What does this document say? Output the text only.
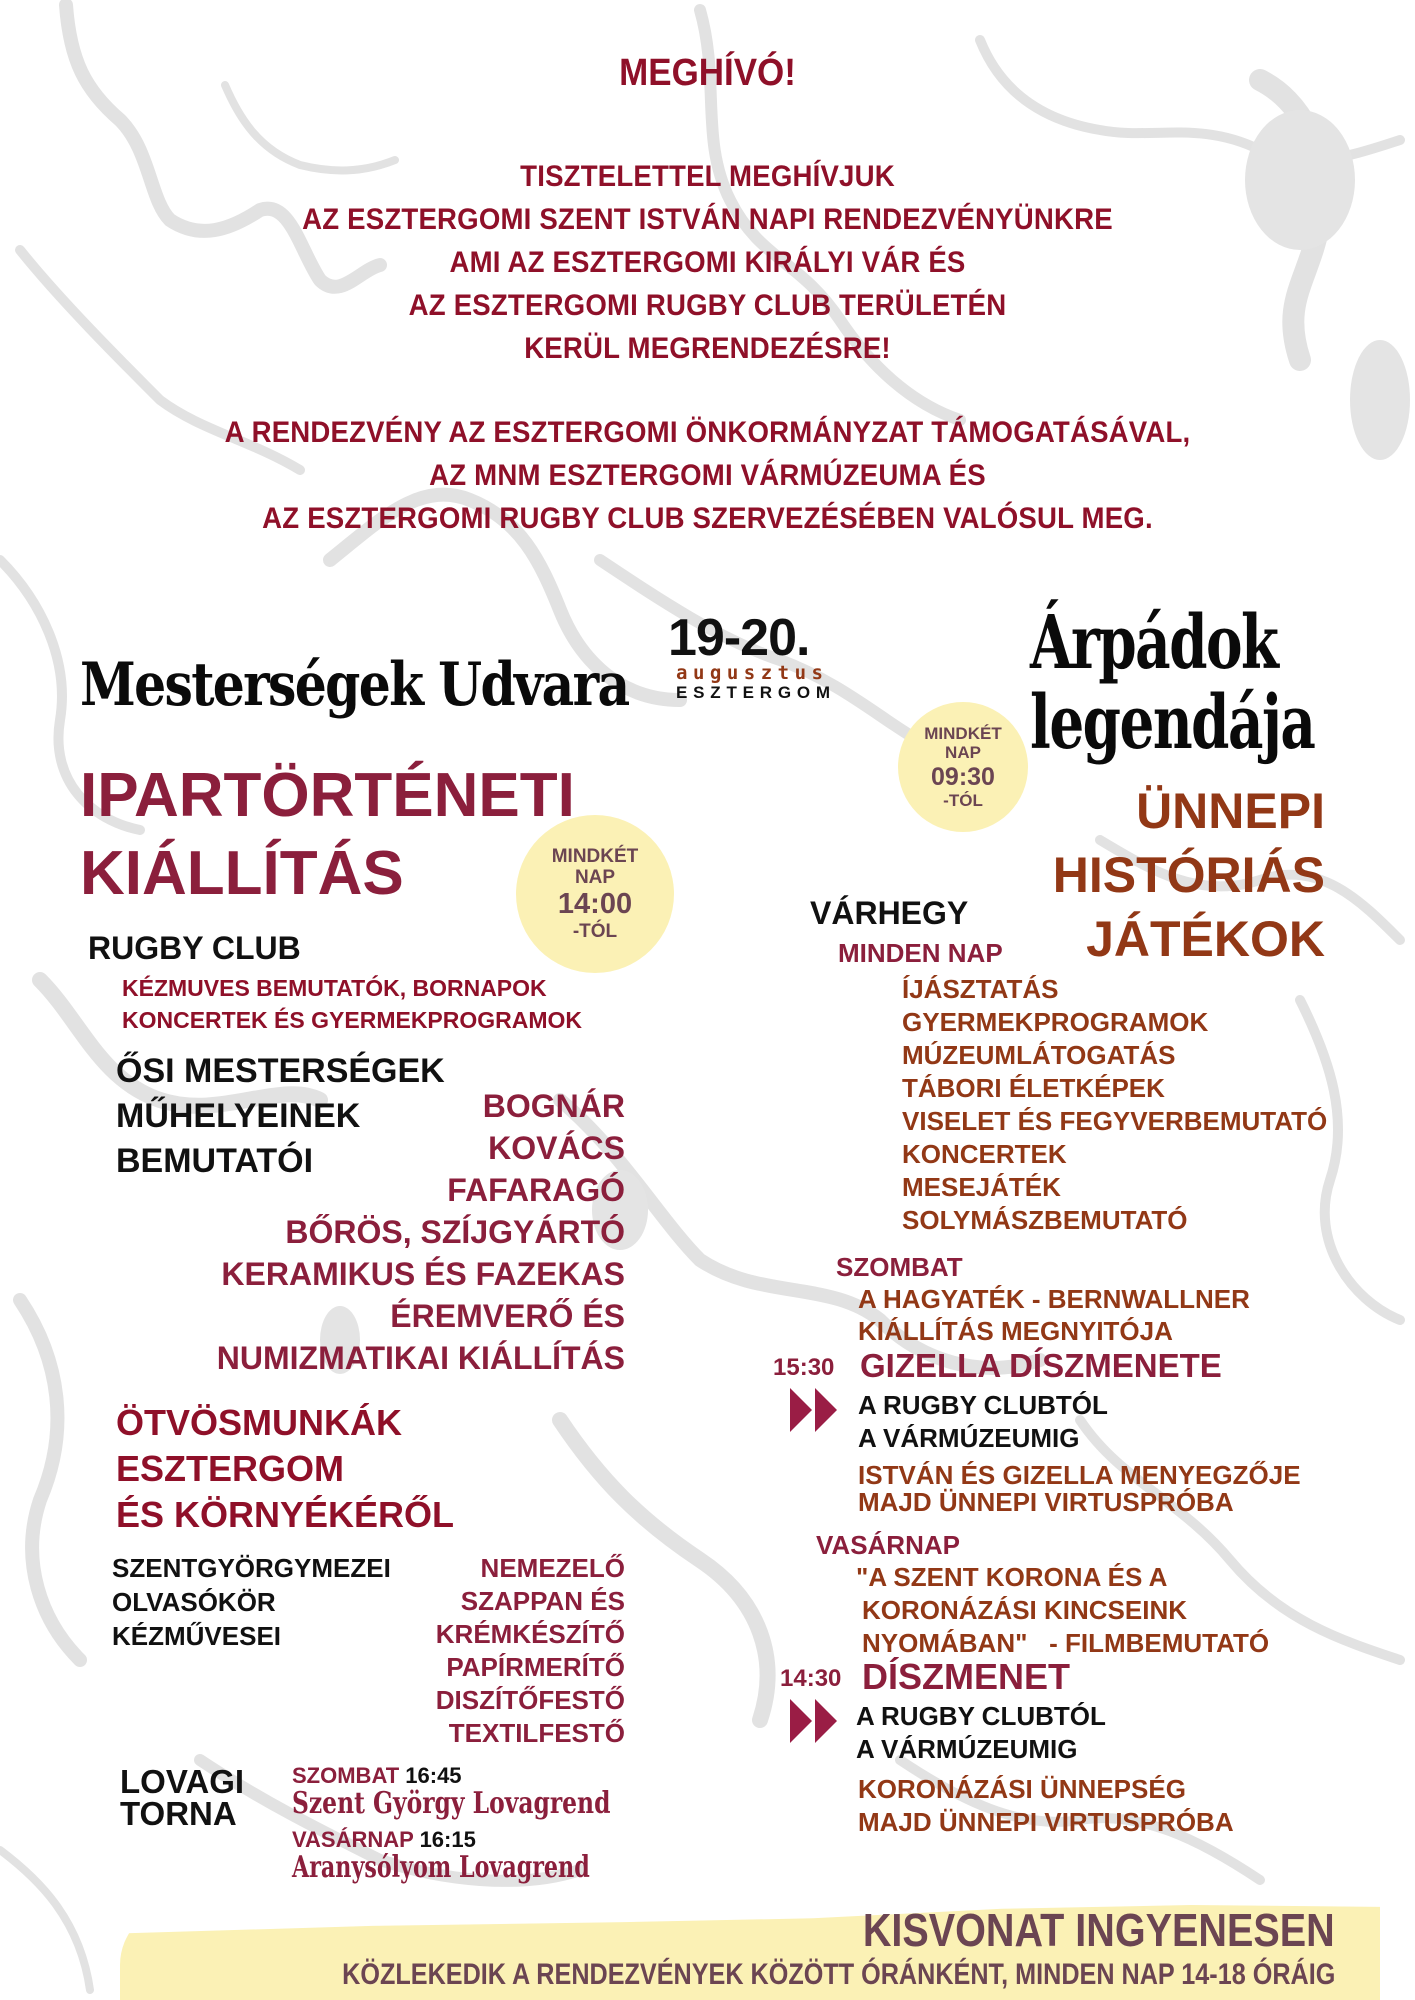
MEGHÍVÓ!
TISZTELETTEL MEGHÍVJUK
AZ ESZTERGOMI SZENT ISTVÁN NAPI RENDEZVÉNYÜNKRE
AMI AZ ESZTERGOMI KIRÁLYI VÁR ÉS
AZ ESZTERGOMI RUGBY CLUB TERÜLETÉN
KERÜL MEGRENDEZÉSRE!
A RENDEZVÉNY AZ ESZTERGOMI ÖNKORMÁNYZAT TÁMOGATÁSÁVAL,
AZ MNM ESZTERGOMI VÁRMÚZEUMA ÉS
AZ ESZTERGOMI RUGBY CLUB SZERVEZÉSÉBEN VALÓSUL MEG.
19-20.
augusztus
ESZTERGOM
Mesterségek Udvara
IPARTÖRTÉNETI
KIÁLLÍTÁS	MINDKÉT
NAP
14:00
-TÓL
RUGBY CLUB
KÉZMUVES BEMUTATÓK, BORNAPOK
KONCERTEK ÉS GYERMEKPROGRAMOK
ŐSI MESTERSÉGEK
MŰHELYEINEK
BEMUTATÓI
BOGNÁR
KOVÁCS
FAFARAGÓ
BŐRÖS, SZÍJGYÁRTÓ
KERAMIKUS ÉS FAZEKAS
ÉREMVERŐ ÉS
NUMIZMATIKAI KIÁLLÍTÁS
ÖTVÖSMUNKÁK
ESZTERGOM
ÉS KÖRNYÉKÉRŐL
SZENTGYÖRGYMEZEI
OLVASÓKÖR
KÉZMŰVESEI
NEMEZELŐ
SZAPPAN ÉS
KRÉMKÉSZÍTŐ
PAPÍRMERÍTŐ
DISZÍTŐFESTŐ
TEXTILFESTŐ
LOVAGI
TORNA
SZOMBAT 16:45
Szent György Lovagrend
VASÁRNAP 16:15
Aranysólyom Lovagrend
MINDKÉT
NAP
09:30
-TÓL
Árpádok
legendája
ÜNNEPI
HISTÓRIÁS
JÁTÉKOK
VÁRHEGY
MINDEN NAP
ÍJÁSZTATÁS
GYERMEKPROGRAMOK
MÚZEUMLÁTOGATÁS
TÁBORI ÉLETKÉPEK
VISELET ÉS FEGYVERBEMUTATÓ
KONCERTEK
MESEJÁTÉK
SOLYMÁSZBEMUTATÓ
SZOMBAT
A HAGYATÉK - BERNWALLNER
KIÁLLÍTÁS MEGNYITÓJA
15:30 GIZELLA DÍSZMENETE
A RUGBY CLUBTÓL
A VÁRMÚZEUMIG
ISTVÁN ÉS GIZELLA MENYEGZŐJE
MAJD ÜNNEPI VIRTUSPRÓBA
VASÁRNAP
"A SZENT KORONA ÉS A
KORONÁZÁSI KINCSEINK
NYOMÁBAN"   - FILMBEMUTATÓ
14:30 DÍSZMENET
A RUGBY CLUBTÓL
A VÁRMÚZEUMIG
KORONÁZÁSI ÜNNEPSÉG
MAJD ÜNNEPI VIRTUSPRÓBA
KISVONAT INGYENESEN
KÖZLEKEDIK A RENDEZVÉNYEK KÖZÖTT ÓRÁNKÉNT, MINDEN NAP 14-18 ÓRÁIG
